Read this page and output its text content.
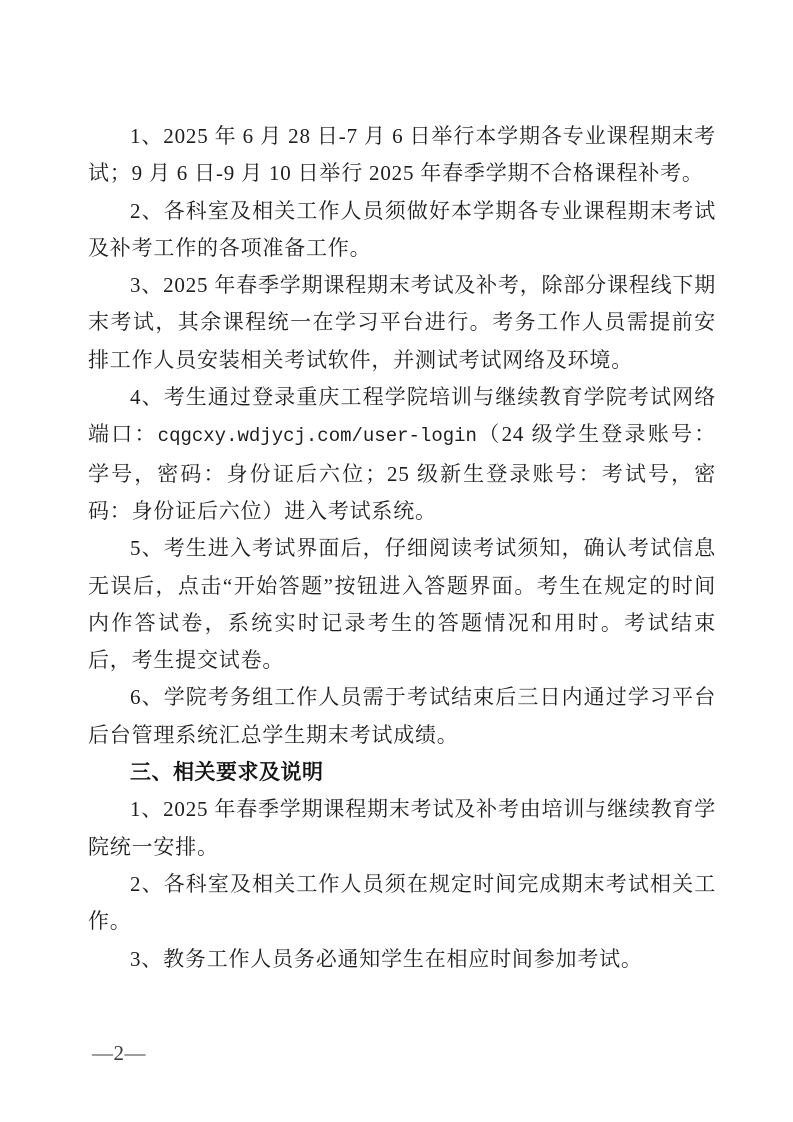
1、2025 年 6 月 28 日-7 月 6 日举行本学期各专业课程期末考试；9 月 6 日-9 月 10 日举行 2025 年春季学期不合格课程补考。

2、各科室及相关工作人员须做好本学期各专业课程期末考试及补考工作的各项准备工作。

3、2025 年春季学期课程期末考试及补考，除部分课程线下期末考试，其余课程统一在学习平台进行。考务工作人员需提前安排工作人员安装相关考试软件，并测试考试网络及环境。

4、考生通过登录重庆工程学院培训与继续教育学院考试网络端口：cqgcxy.wdjycj.com/user-login（24 级学生登录账号：学号，密码：身份证后六位；25 级新生登录账号：考试号，密码：身份证后六位）进入考试系统。

5、考生进入考试界面后，仔细阅读考试须知，确认考试信息无误后，点击“开始答题”按钮进入答题界面。考生在规定的时间内作答试卷，系统实时记录考生的答题情况和用时。考试结束后，考生提交试卷。

6、学院考务组工作人员需于考试结束后三日内通过学习平台后台管理系统汇总学生期末考试成绩。

三、相关要求及说明

1、2025 年春季学期课程期末考试及补考由培训与继续教育学院统一安排。

2、各科室及相关工作人员须在规定时间完成期末考试相关工作。

3、教务工作人员务必通知学生在相应时间参加考试。

—2—
